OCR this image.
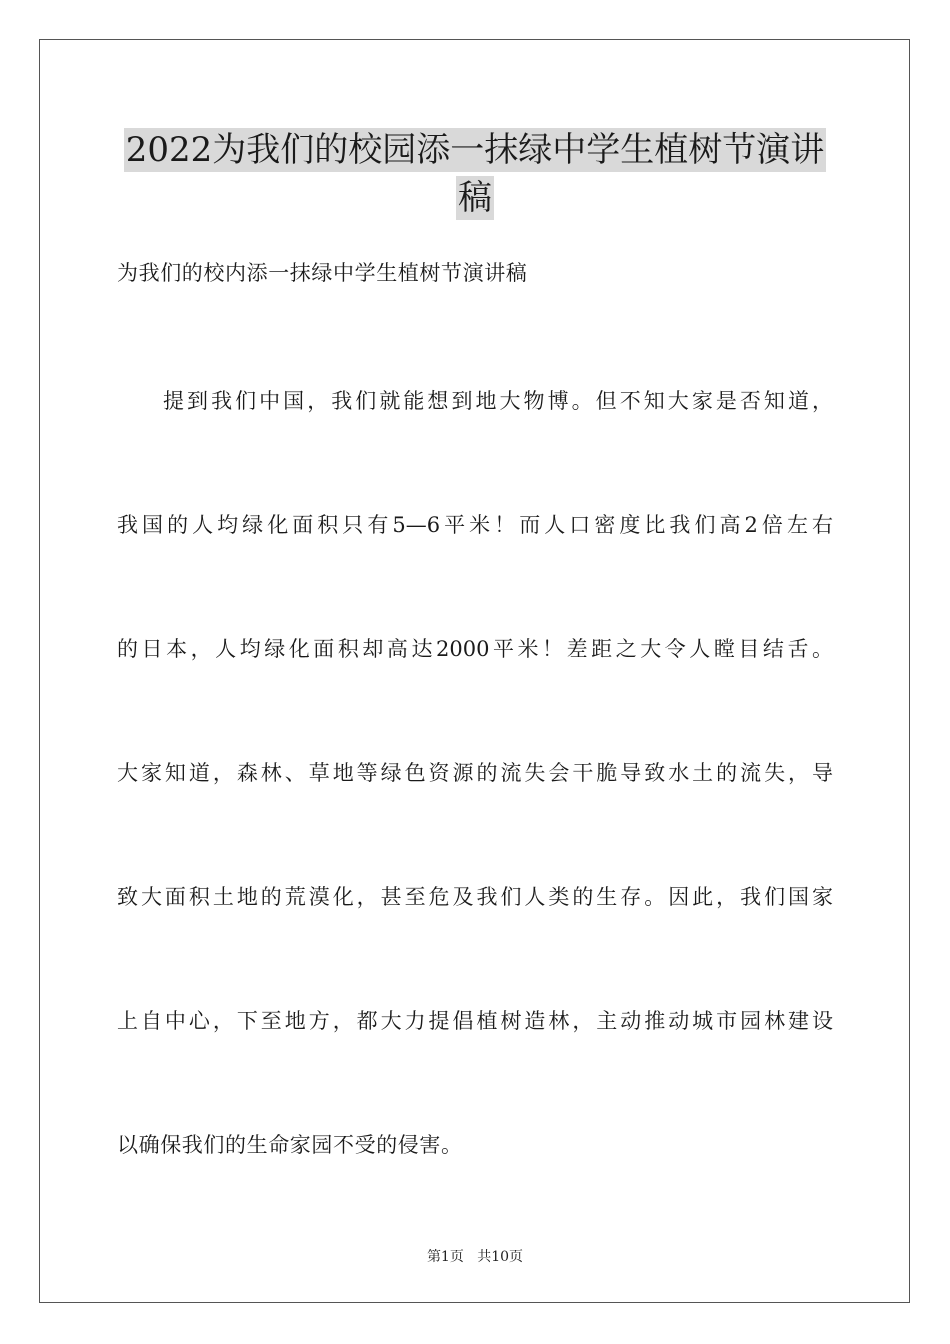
2022为我们的校园添一抹绿中学生植树节演讲
稿
为我们的校内添一抹绿中学生植树节演讲稿
提到我们中国，我们就能想到地大物博。但不知大家是否知道，
我国的人均绿化面积只有5—6平米！而人口密度比我们高2倍左右
的日本，人均绿化面积却高达2000平米！差距之大令人瞠目结舌。
大家知道，森林、草地等绿色资源的流失会干脆导致水土的流失，导
致大面积土地的荒漠化，甚至危及我们人类的生存。因此，我们国家
上自中心，下至地方，都大力提倡植树造林，主动推动城市园林建设
以确保我们的生命家园不受的侵害。
第1页 共10页
